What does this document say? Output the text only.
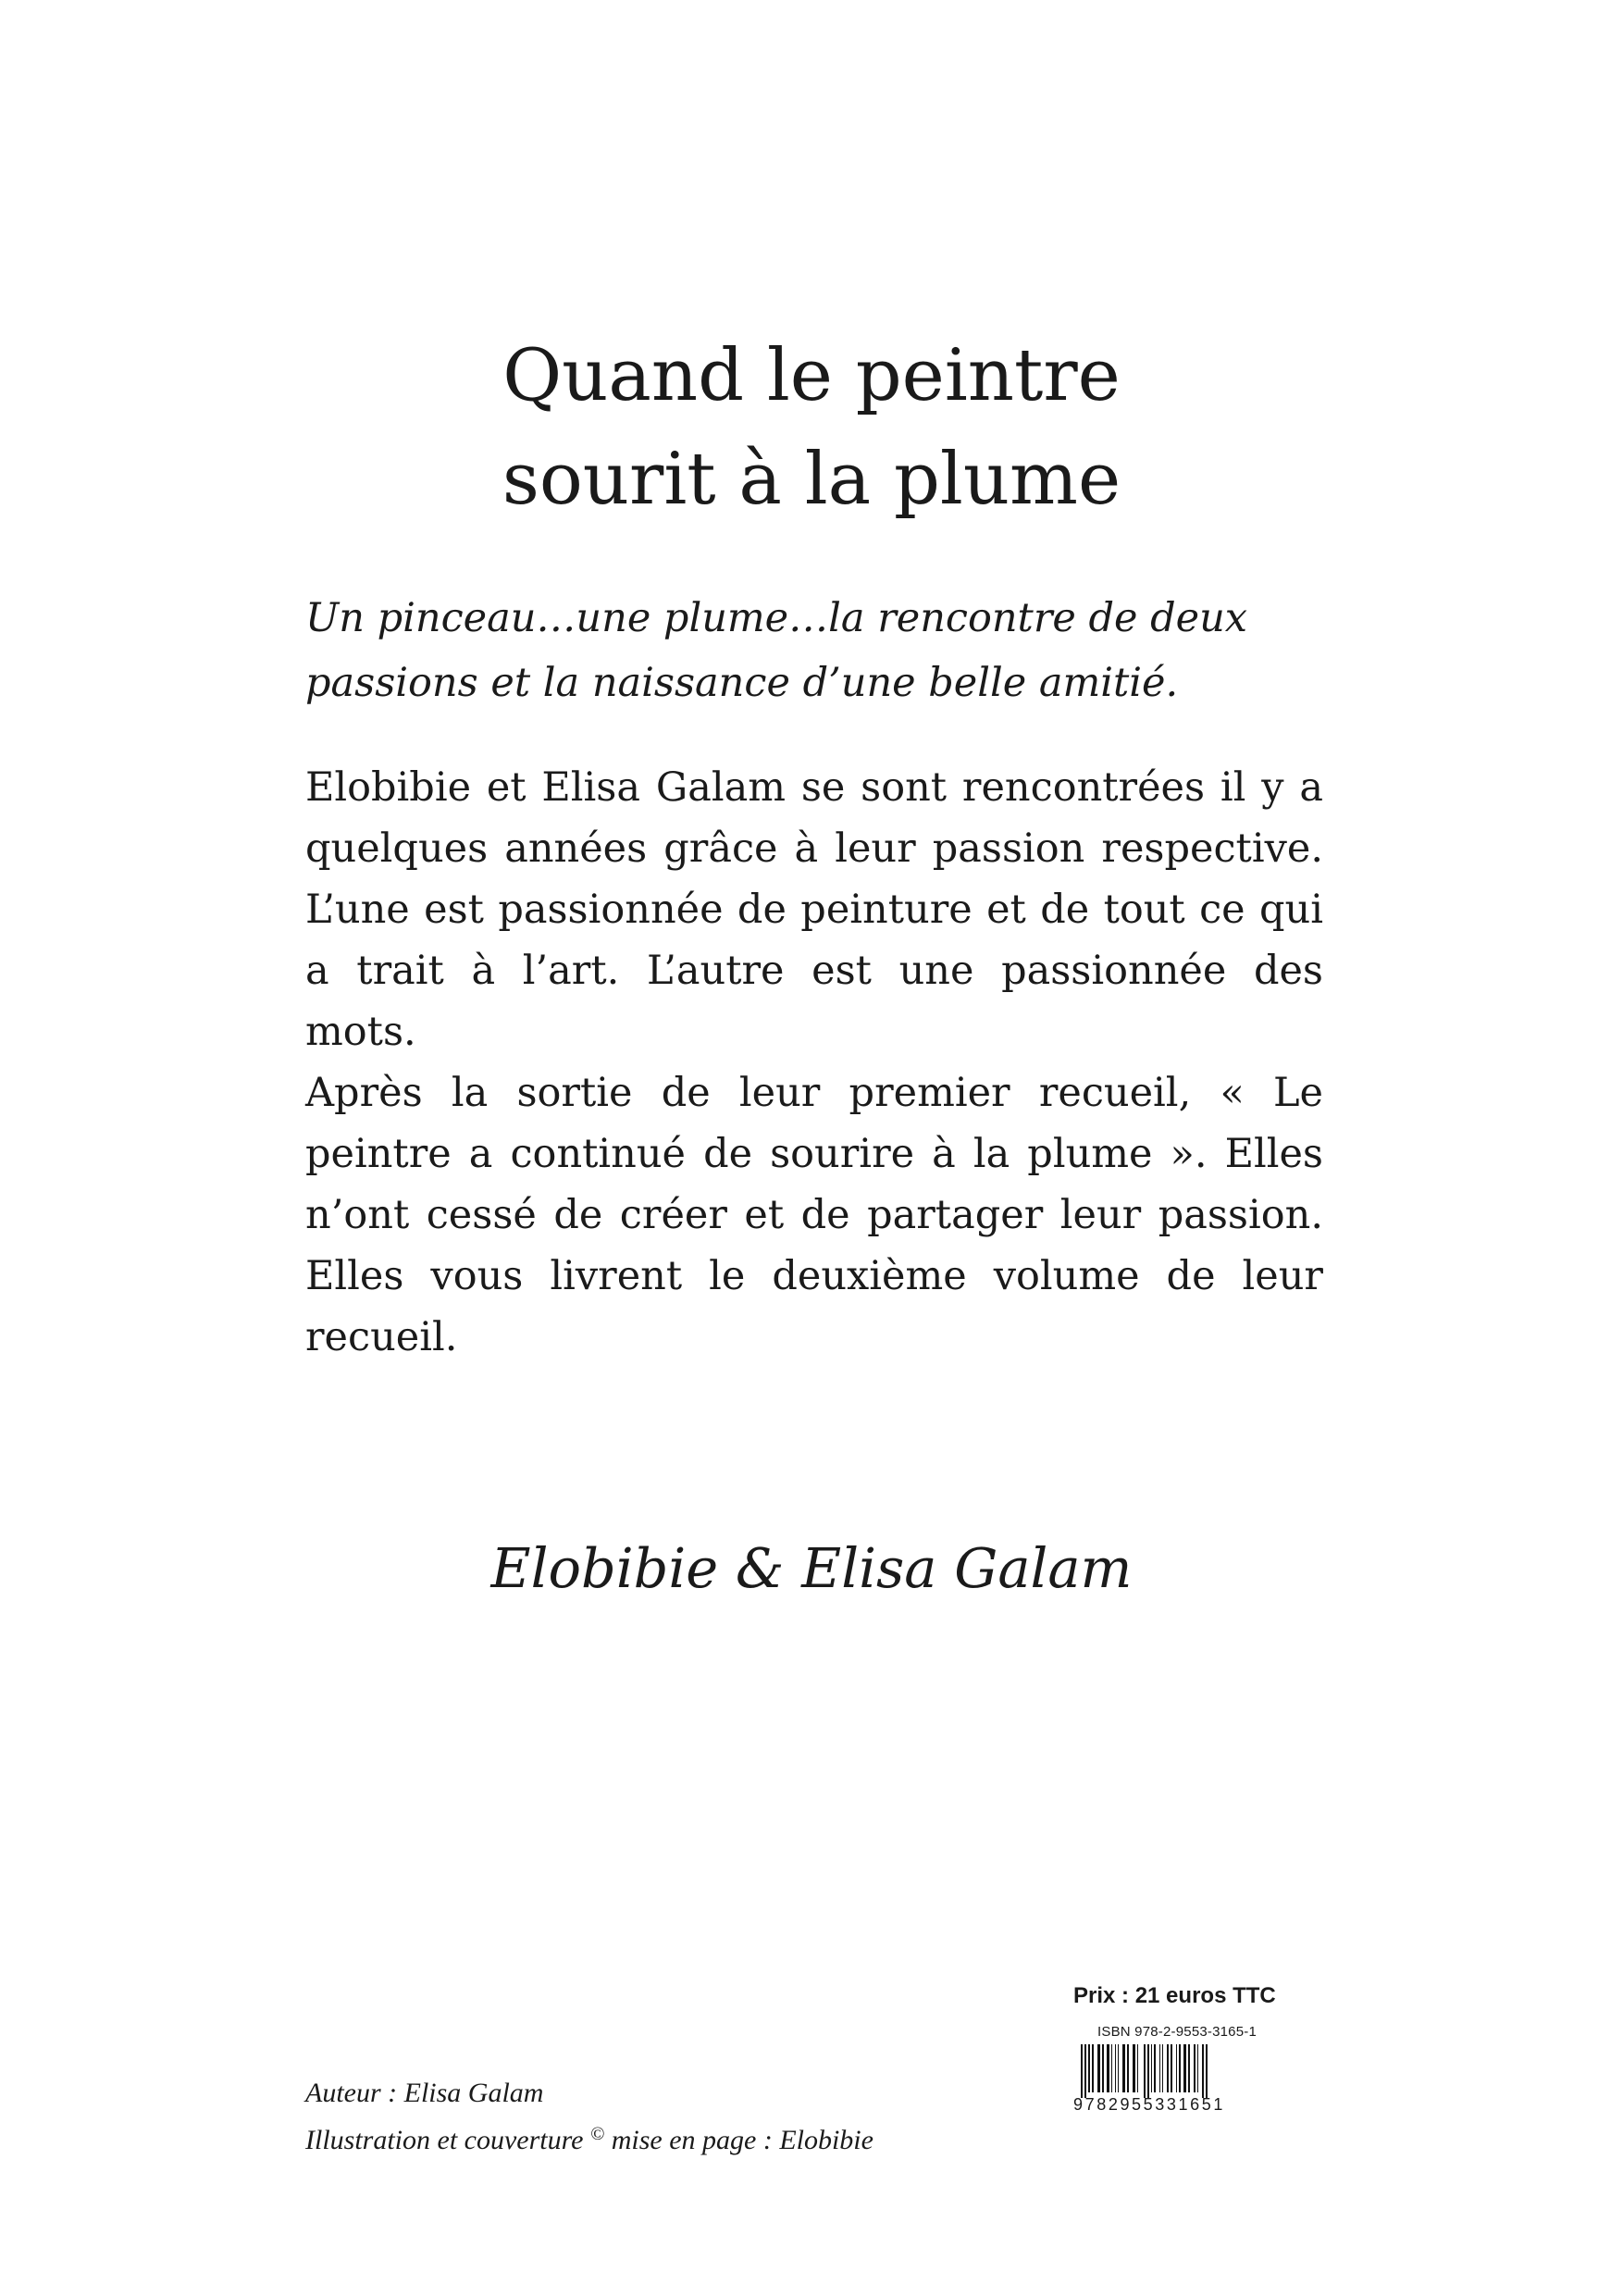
Quand le peintre
sourit à la plume

Un pinceau…une plume…la rencontre de deux
passions et la naissance d’une belle amitié.

Elobibie et Elisa Galam se sont rencontrées il y a quelques années grâce à leur passion respective. L’une est passionnée de peinture et de tout ce qui a trait à l’art. L’autre est une passionnée des mots.

Après la sortie de leur premier recueil, « Le peintre a continué de sourire à la plume ». Elles n’ont cessé de créer et de partager leur passion. Elles vous livrent le deuxième volume de leur recueil.

Elobibie & Elisa Galam

Auteur : Elisa Galam
Illustration et couverture © mise en page : Elobibie
Prix : 21 euros TTC
ISBN 978-2-9553-3165-1
9782955331651
